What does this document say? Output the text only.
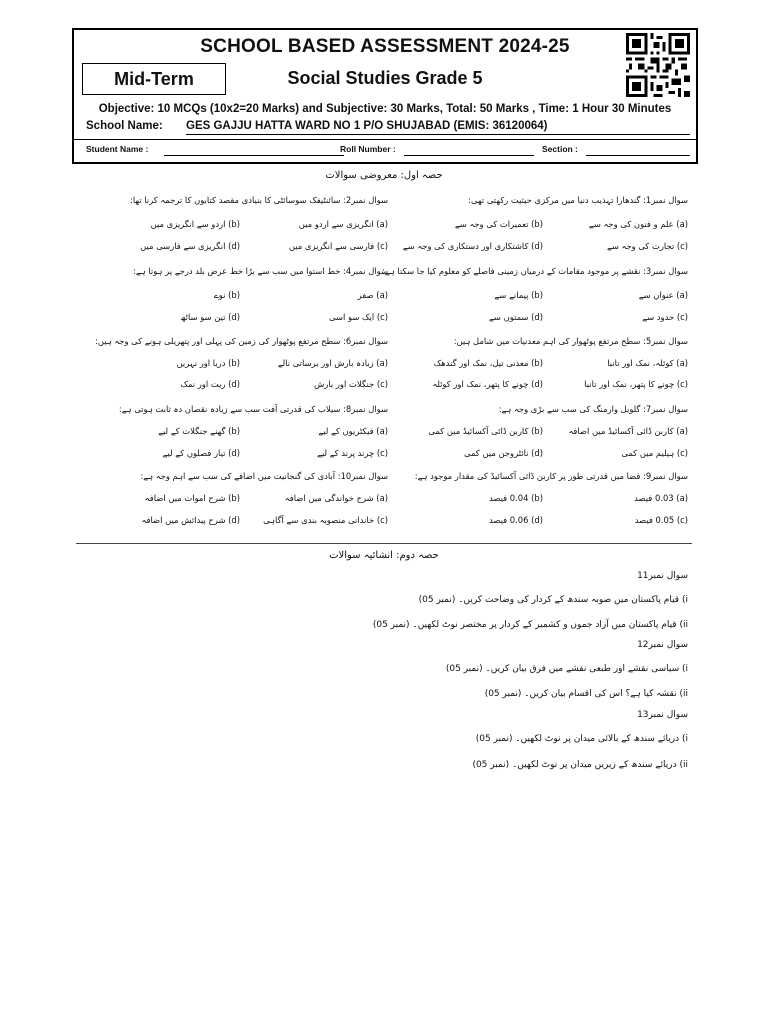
SCHOOL BASED ASSESSMENT 2024-25
Mid-Term	Social Studies Grade 5
Objective: 10 MCQs (10x2=20 Marks) and Subjective: 30 Marks, Total: 50 Marks , Time: 1 Hour 30 Minutes
School Name: GES GAJJU HATTA WARD NO 1 P/O SHUJABAD (EMIS: 36120064)
Student Name :	Roll Number :	Section :
حصہ اول: معروضی سوالات
سوال نمبر1: گندھارا تہذیب دنیا میں مرکزی حیثیت رکھتی تھی:
(a) علم و فنون کی وجہ سے
(b) تعمیرات کی وجہ سے
(c) تجارت کی وجہ سے
(d) کاشتکاری اور دستکاری کی وجہ سے
سوال نمبر2: سائنٹیفک سوسائٹی کا بنیادی مقصد کتابوں کا ترجمہ کرنا تھا:
(a) انگریزی سے اردو میں
(b) اردو سے انگریزی میں
(c) فارسی سے انگریزی میں
(d) انگریزی سے فارسی میں
سوال نمبر3: نقشے پر موجود مقامات کے درمیان زمینی فاصلے کو معلوم کیا جا سکتا ہے:
(a) عنوان سے
(b) پیمانے سے
(c) حدود سے
(d) سمتوں سے
سوال نمبر4: خط استوا میں سب سے بڑا خط عرض بلد درجے پر ہوتا ہے:
(a) صفر
(b) نوے
(c) ایک سو اسی
(d) تین سو ساٹھ
سوال نمبر5: سطح مرتفع پوٹھوار کی اہم معدنیات میں شامل ہیں:
(a) کوئلہ، نمک اور تانبا
(b) معدنی تیل، نمک اور گندھک
(c) چونے کا پتھر، نمک اور تانبا
(d) چونے کا پتھر، نمک اور کوئلہ
سوال نمبر6: سطح مرتفع پوٹھوار کی زمین کی پہلی اور پتھریلی ہونے کی وجہ ہیں:
(a) زیادہ بارش اور برساتی نالے
(b) دریا اور نہریں
(c) جنگلات اور بارش
(d) ریت اور نمک
سوال نمبر7: گلوبل وارمنگ کی سب سے بڑی وجہ ہے:
(a) کاربن ڈائی آکسائیڈ میں اضافہ
(b) کاربن ڈائی آکسائیڈ میں کمی
(c) ہیلیم میں کمی
(d) نائٹروجن میں کمی
سوال نمبر8: سیلاب کی قدرتی آفت سب سے زیادہ نقصان دہ ثابت ہوتی ہے:
(a) فیکٹریوں کے لیے
(b) گھنے جنگلات کے لیے
(c) چرند پرند کے لیے
(d) تیار فصلوں کے لیے
سوال نمبر9: فضا میں قدرتی طور پر کاربن ڈائی آکسائیڈ کی مقدار موجود ہے:
(a) 0.03 فیصد
(b) 0.04 فیصد
(c) 0.05 فیصد
(d) 0.06 فیصد
سوال نمبر10: آبادی کی گنجانیت میں اضافے کی سب سے اہم وجہ ہے:
(a) شرح خواندگی میں اضافہ
(b) شرح اموات میں اضافہ
(c) خاندانی منصوبہ بندی سے آگاہی
(d) شرح پیدائش میں اضافہ
حصہ دوم: انشائیہ سوالات
سوال نمبر11
i) قیام پاکستان میں صوبہ سندھ کے کردار کی وضاحت کریں۔ (نمبر 05)
ii) قیام پاکستان میں آزاد جموں و کشمیر کے کردار پر مختصر نوٹ لکھیں۔ (نمبر 05)
سوال نمبر12
i) سیاسی نقشے اور طبعی نقشے میں فرق بیان کریں۔ (نمبر 05)
ii) نقشہ کیا ہے؟ اس کی اقسام بیان کریں۔ (نمبر 05)
سوال نمبر13
i) دریائے سندھ کے بالائی میدان پر نوٹ لکھیں۔ (نمبر 05)
ii) دریائے سندھ کے زیریں میدان پر نوٹ لکھیں۔ (نمبر 05)
